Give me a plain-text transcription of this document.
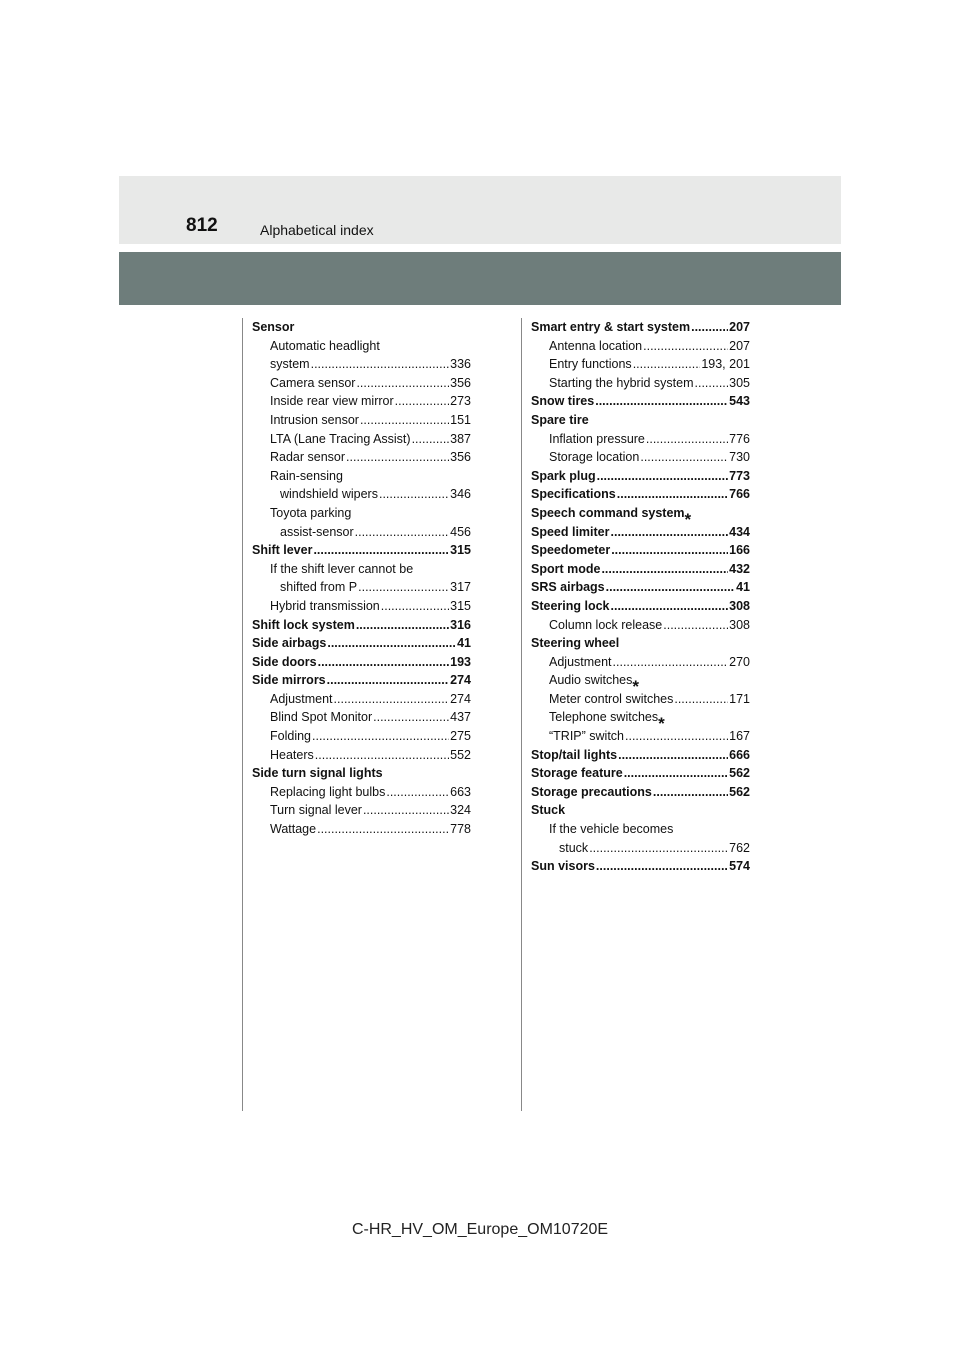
812	Alphabetical index
Sensor
Automatic headlight
system .....	336
Camera sensor .....	356
Inside rear view mirror .....	273
Intrusion sensor .....	151
LTA (Lane Tracing Assist) .....	387
Radar sensor .....	356
Rain-sensing
windshield wipers .....	346
Toyota parking
assist-sensor .....	456
Shift lever .....	315
If the shift lever cannot be
shifted from P .....	317
Hybrid transmission .....	315
Shift lock system .....	316
Side airbags .....	41
Side doors .....	193
Side mirrors .....	274
Adjustment .....	274
Blind Spot Monitor .....	437
Folding .....	275
Heaters .....	552
Side turn signal lights
Replacing light bulbs .....	663
Turn signal lever .....	324
Wattage .....	778
Smart entry & start system .....	207
Antenna location .....	207
Entry functions .....	193, 201
Starting the hybrid system .....	305
Snow tires .....	543
Spare tire
Inflation pressure .....	776
Storage location .....	730
Spark plug .....	773
Specifications .....	766
Speech command system *
Speed limiter .....	434
Speedometer .....	166
Sport mode .....	432
SRS airbags .....	41
Steering lock .....	308
Column lock release .....	308
Steering wheel
Adjustment .....	270
Audio switches *
Meter control switches .....	171
Telephone switches *
“TRIP” switch .....	167
Stop/tail lights .....	666
Storage feature .....	562
Storage precautions .....	562
Stuck
If the vehicle becomes
stuck .....	762
Sun visors .....	574
C-HR_HV_OM_Europe_OM10720E
